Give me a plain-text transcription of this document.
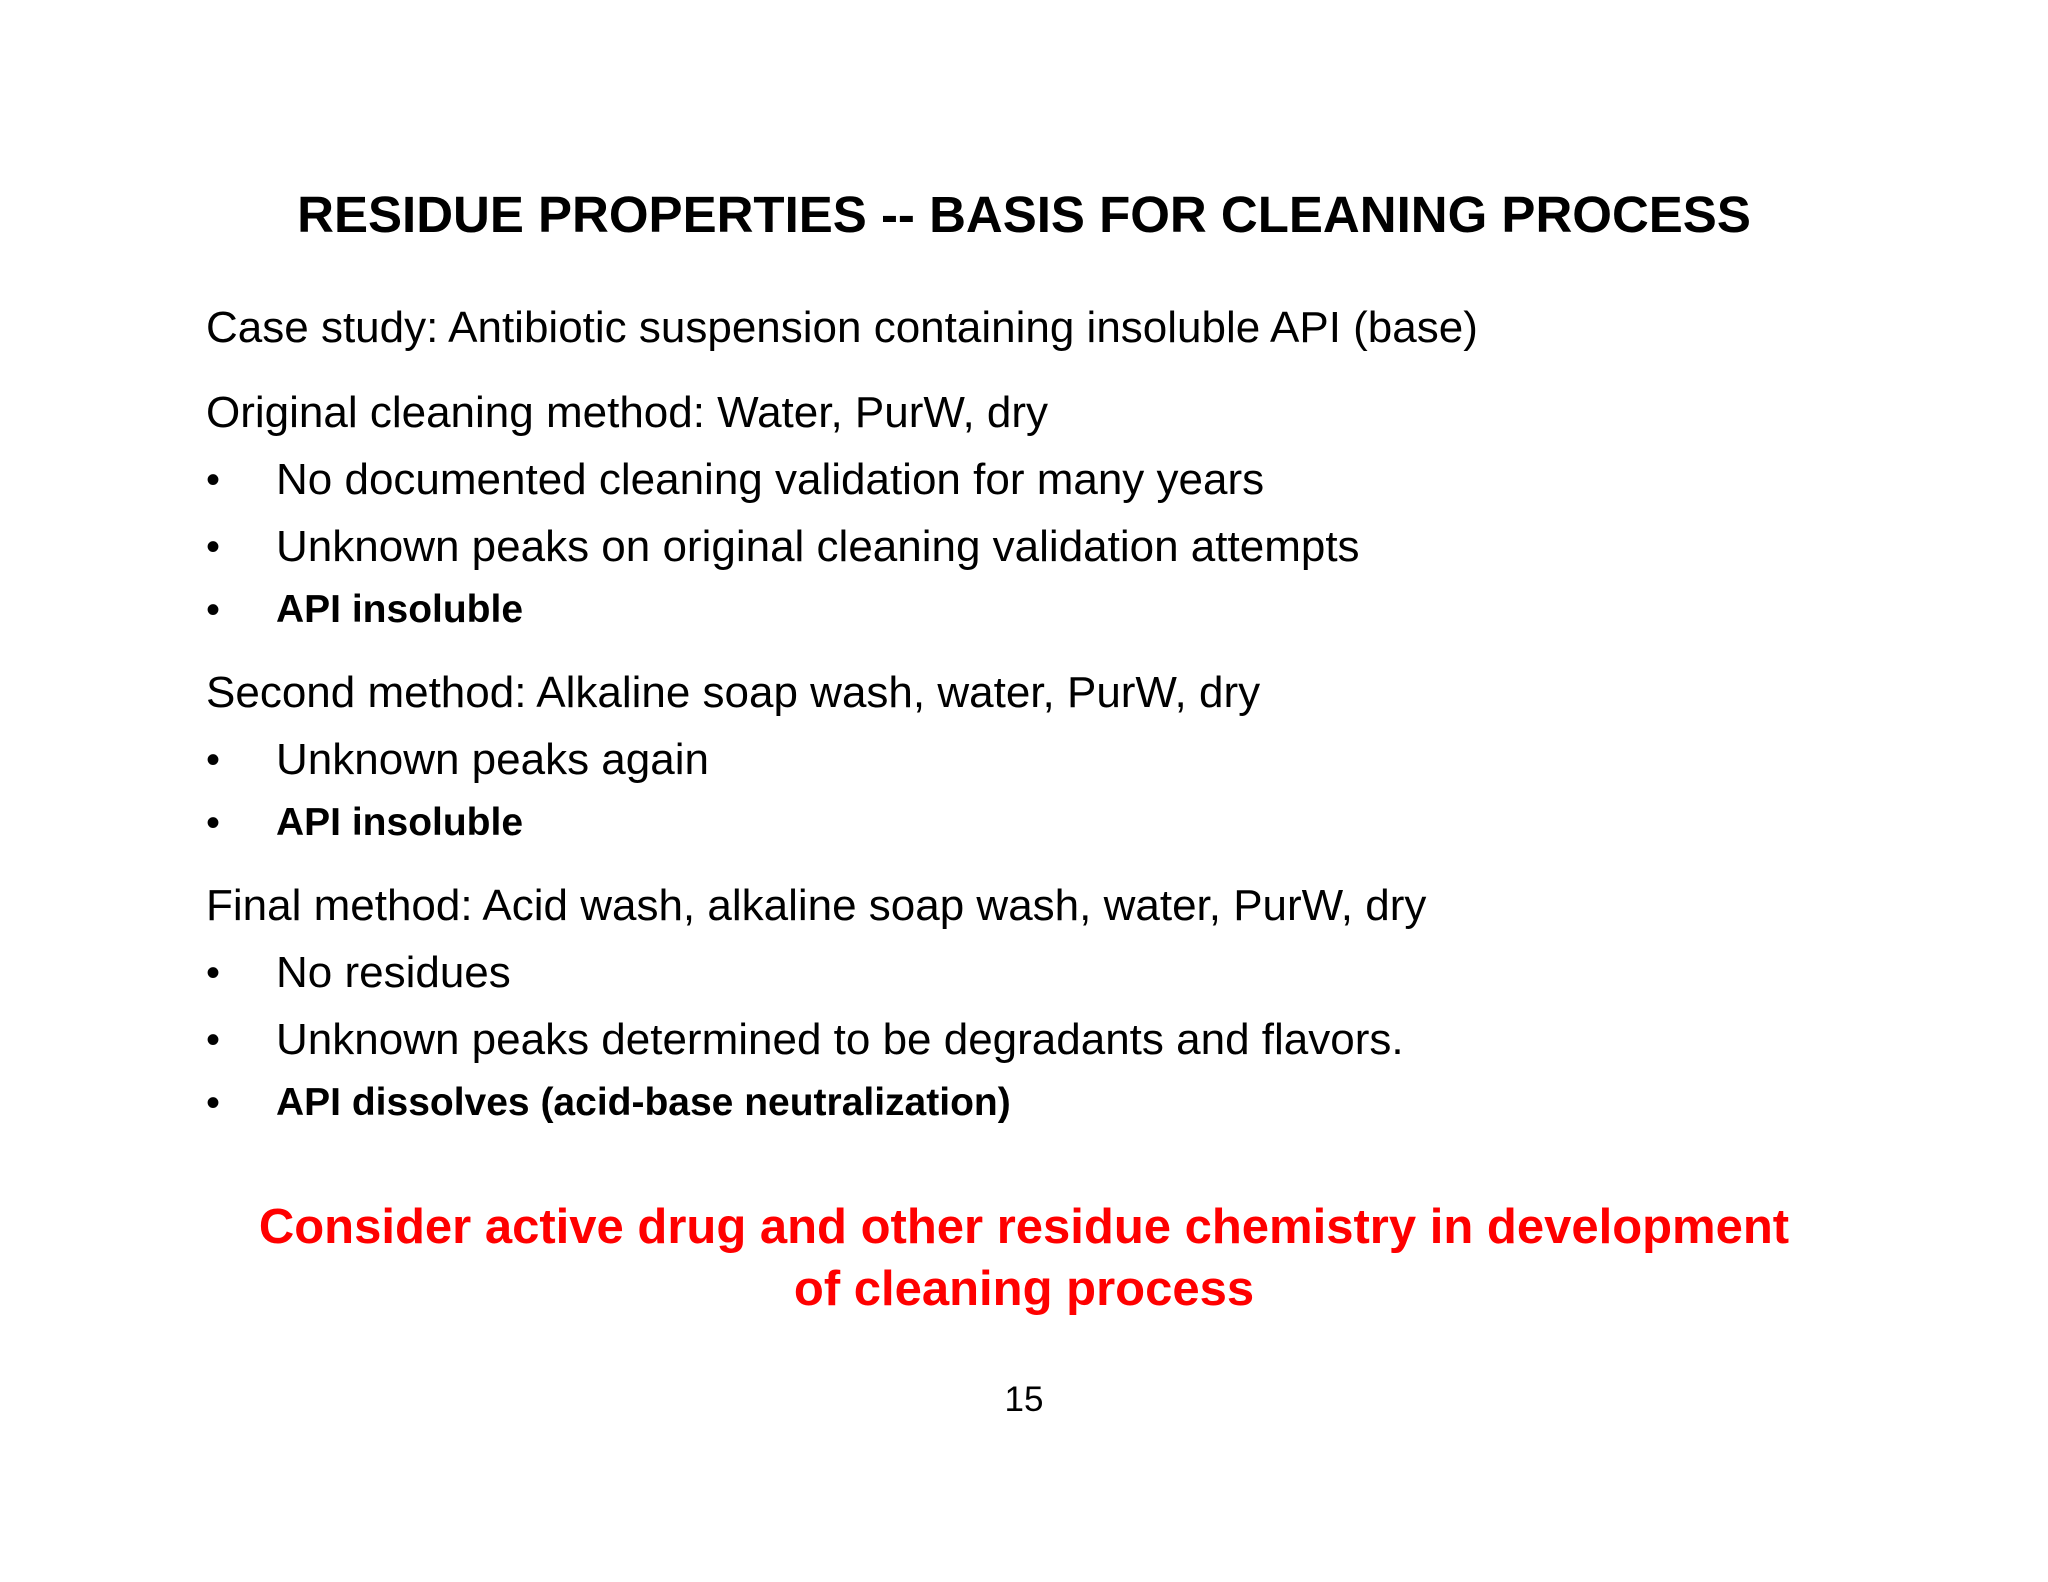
RESIDUE PROPERTIES -- BASIS FOR CLEANING PROCESS
Case study: Antibiotic suspension containing insoluble API (base)
Original cleaning method: Water, PurW, dry
• No documented cleaning validation for many years
• Unknown peaks on original cleaning validation attempts
• API insoluble
Second method: Alkaline soap wash, water, PurW, dry
• Unknown peaks again
• API insoluble
Final method: Acid wash, alkaline soap wash, water, PurW, dry
• No residues
• Unknown peaks determined to be degradants and flavors.
• API dissolves (acid-base neutralization)
Consider active drug and other residue chemistry in development
of cleaning process
15
